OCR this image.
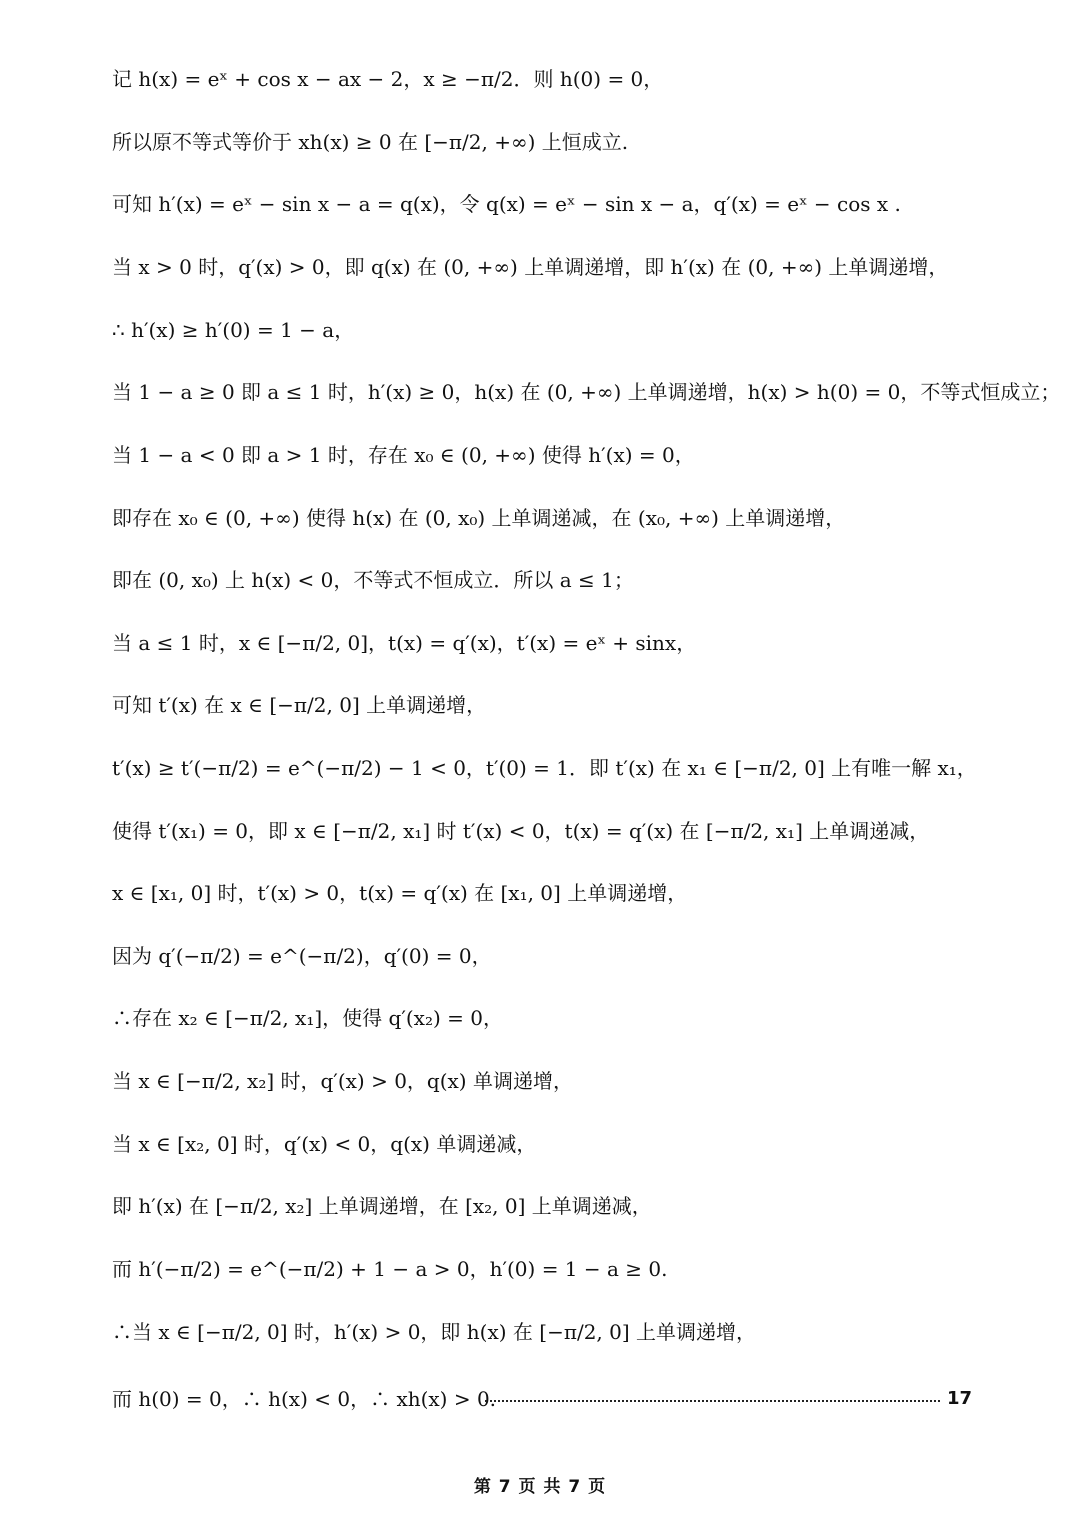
记 h(x) = eˣ + cos x − ax − 2，x ≥ −π/2．则 h(0) = 0，
所以原不等式等价于 xh(x) ≥ 0 在 [−π/2, +∞) 上恒成立.
可知 h′(x) = eˣ − sin x − a = q(x)，令 q(x) = eˣ − sin x − a，q′(x) = eˣ − cos x .
当 x > 0 时，q′(x) > 0，即 q(x) 在 (0, +∞) 上单调递增，即 h′(x) 在 (0, +∞) 上单调递增，
∴ h′(x) ≥ h′(0) = 1 − a，
当 1 − a ≥ 0 即 a ≤ 1 时，h′(x) ≥ 0，h(x) 在 (0, +∞) 上单调递增，h(x) > h(0) = 0，不等式恒成立；
当 1 − a < 0 即 a > 1 时，存在 x₀ ∈ (0, +∞) 使得 h′(x) = 0，
即存在 x₀ ∈ (0, +∞) 使得 h(x) 在 (0, x₀) 上单调递减，在 (x₀, +∞) 上单调递增，
即在 (0, x₀) 上 h(x) < 0，不等式不恒成立．所以 a ≤ 1；
当 a ≤ 1 时，x ∈ [−π/2, 0]，t(x) = q′(x)，t′(x) = eˣ + sinx，
可知 t′(x) 在 x ∈ [−π/2, 0] 上单调递增，
t′(x) ≥ t′(−π/2) = e^(−π/2) − 1 < 0，t′(0) = 1．即 t′(x) 在 x₁ ∈ [−π/2, 0] 上有唯一解 x₁，
使得 t′(x₁) = 0，即 x ∈ [−π/2, x₁] 时 t′(x) < 0，t(x) = q′(x) 在 [−π/2, x₁] 上单调递减，
x ∈ [x₁, 0] 时，t′(x) > 0，t(x) = q′(x) 在 [x₁, 0] 上单调递增，
因为 q′(−π/2) = e^(−π/2)，q′(0) = 0，
∴存在 x₂ ∈ [−π/2, x₁]，使得 q′(x₂) = 0，
当 x ∈ [−π/2, x₂] 时，q′(x) > 0，q(x) 单调递增，
当 x ∈ [x₂, 0] 时，q′(x) < 0，q(x) 单调递减，
即 h′(x) 在 [−π/2, x₂] 上单调递增，在 [x₂, 0] 上单调递减，
而 h′(−π/2) = e^(−π/2) + 1 − a > 0，h′(0) = 1 − a ≥ 0.
∴当 x ∈ [−π/2, 0] 时，h′(x) > 0，即 h(x) 在 [−π/2, 0] 上单调递增，
而 h(0) = 0，∴ h(x) < 0，∴ xh(x) > 0.	17
第 7 页 共 7 页
